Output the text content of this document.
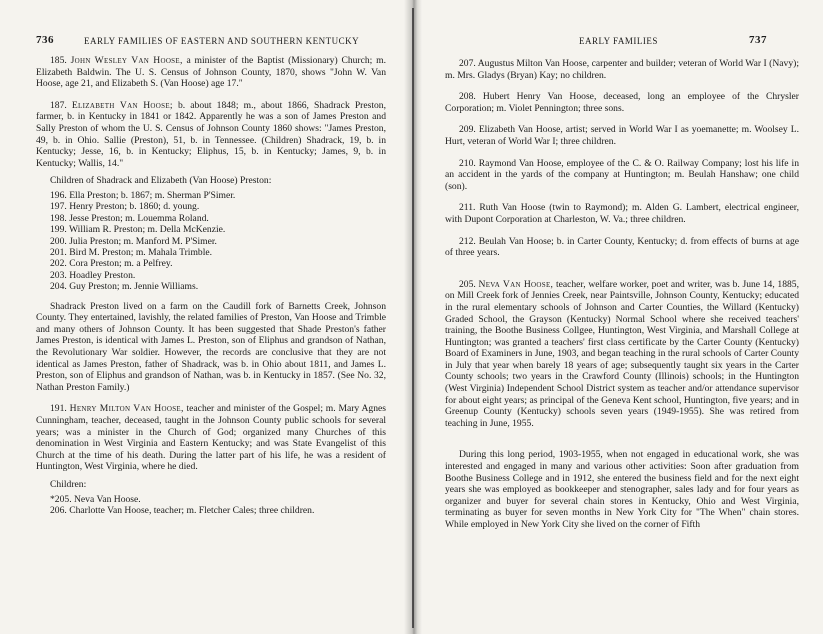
736	EARLY FAMILIES OF EASTERN AND SOUTHERN KENTUCKY

185. John Wesley Van Hoose, a minister of the Baptist (Missionary) Church; m. Elizabeth Baldwin. The U. S. Census of Johnson County, 1870, shows "John W. Van Hoose, age 21, and Elizabeth S. (Van Hoose) age 17."

187. Elizabeth Van Hoose; b. about 1848; m., about 1866, Shadrack Preston, farmer, b. in Kentucky in 1841 or 1842. Apparently he was a son of James Preston and Sally Preston of whom the U. S. Census of Johnson County 1860 shows: "James Preston, 49, b. in Ohio. Sallie (Preston), 51, b. in Tennessee. (Children) Shadrack, 19, b. in Kentucky; Jesse, 16, b. in Kentucky; Eliphus, 15, b. in Kentucky; James, 9, b. in Kentucky; Wallis, 14."

Children of Shadrack and Elizabeth (Van Hoose) Preston:

196. Ella Preston; b. 1867; m. Sherman P'Simer.

197. Henry Preston; b. 1860; d. young.

198. Jesse Preston; m. Louemma Roland.

199. William R. Preston; m. Della McKenzie.

200. Julia Preston; m. Manford M. P'Simer.

201. Bird M. Preston; m. Mahala Trimble.

202. Cora Preston; m. a Pelfrey.

203. Hoadley Preston.

204. Guy Preston; m. Jennie Williams.

Shadrack Preston lived on a farm on the Caudill fork of Barnetts Creek, Johnson County. They entertained, lavishly, the related families of Preston, Van Hoose and Trimble and many others of Johnson County. It has been suggested that Shade Preston's father James Preston, is identical with James L. Preston, son of Eliphus and grandson of Nathan, the Revolutionary War soldier. However, the records are conclusive that they are not identical as James Preston, father of Shadrack, was b. in Ohio about 1811, and James L. Preston, son of Eliphus and grandson of Nathan, was b. in Kentucky in 1857. (See No. 32, Nathan Preston Family.)

191. Henry Milton Van Hoose, teacher and minister of the Gospel; m. Mary Agnes Cunningham, teacher, deceased, taught in the Johnson County public schools for several years; was a minister in the Church of God; organized many Churches of this denomination in West Virginia and Eastern Kentucky; and was State Evangelist of this Church at the time of his death. During the latter part of his life, he was a resident of Huntington, West Virginia, where he died.

Children:

*205. Neva Van Hoose.

206. Charlotte Van Hoose, teacher; m. Fletcher Cales; three children.

EARLY FAMILIES	737

207. Augustus Milton Van Hoose, carpenter and builder; veteran of World War I (Navy); m. Mrs. Gladys (Bryan) Kay; no children.

208. Hubert Henry Van Hoose, deceased, long an employee of the Chrysler Corporation; m. Violet Pennington; three sons.

209. Elizabeth Van Hoose, artist; served in World War I as yoemanette; m. Woolsey L. Hurt, veteran of World War I; three children.

210. Raymond Van Hoose, employee of the C. & O. Railway Company; lost his life in an accident in the yards of the company at Huntington; m. Beulah Hanshaw; one child (son).

211. Ruth Van Hoose (twin to Raymond); m. Alden G. Lambert, electrical engineer, with Dupont Corporation at Charleston, W. Va.; three children.

212. Beulah Van Hoose; b. in Carter County, Kentucky; d. from effects of burns at age of three years.

205. Neva Van Hoose, teacher, welfare worker, poet and writer, was b. June 14, 1885, on Mill Creek fork of Jennies Creek, near Paintsville, Johnson County, Kentucky; educated in the rural elementary schools of Johnson and Carter Counties, the Willard (Kentucky) Graded School, the Grayson (Kentucky) Normal School where she received teachers' training, the Boothe Business Collgee, Huntington, West Virginia, and Marshall College at Huntington; was granted a teachers' first class certificate by the Carter County (Kentucky) Board of Examiners in June, 1903, and began teaching in the rural schools of Carter County in July that year when barely 18 years of age; subsequently taught six years in the Carter County schools; two years in the Crawford County (Illinois) schools; in the Huntington (West Virginia) Independent School District system as teacher and/or attendance supervisor for about eight years; as principal of the Geneva Kent school, Huntington, five years; and in Greenup County (Kentucky) schools seven years (1949-1955). She was retired from teaching in June, 1955.

During this long period, 1903-1955, when not engaged in educational work, she was interested and engaged in many and various other activities: Soon after graduation from Boothe Business College and in 1912, she entered the business field and for the next eight years she was employed as bookkeeper and stenographer, sales lady and for four years as organizer and buyer for several chain stores in Kentucky, Ohio and West Virginia, terminating as buyer for seven months in New York City for "The When" chain stores. While employed in New York City she lived on the corner of Fifth
